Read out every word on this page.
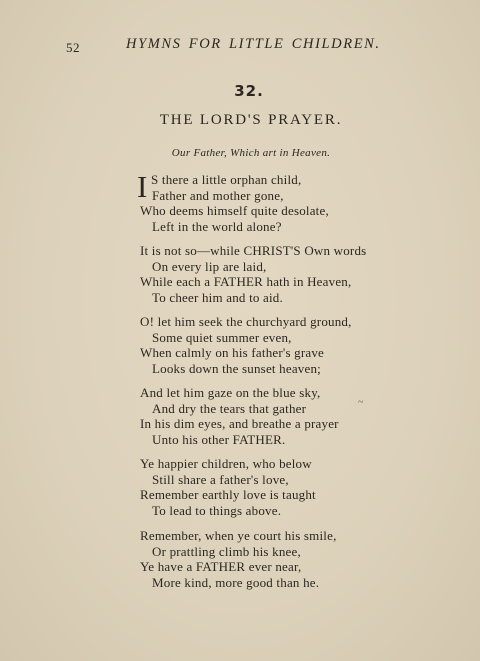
52	HYMNS FOR LITTLE CHILDREN.
32.
THE LORD'S PRAYER.
Our Father, Which art in Heaven.
I S there a little orphan child,
Father and mother gone,
Who deems himself quite desolate,
Left in the world alone?
It is not so—while CHRIST'S Own words
On every lip are laid,
While each a FATHER hath in Heaven,
To cheer him and to aid.
O! let him seek the churchyard ground,
Some quiet summer even,
When calmly on his father's grave
Looks down the sunset heaven;
And let him gaze on the blue sky,
And dry the tears that gather
In his dim eyes, and breathe a prayer
Unto his other FATHER.
Ye happier children, who below
Still share a father's love,
Remember earthly love is taught
To lead to things above.
Remember, when ye court his smile,
Or prattling climb his knee,
Ye have a FATHER ever near,
More kind, more good than he.
~
